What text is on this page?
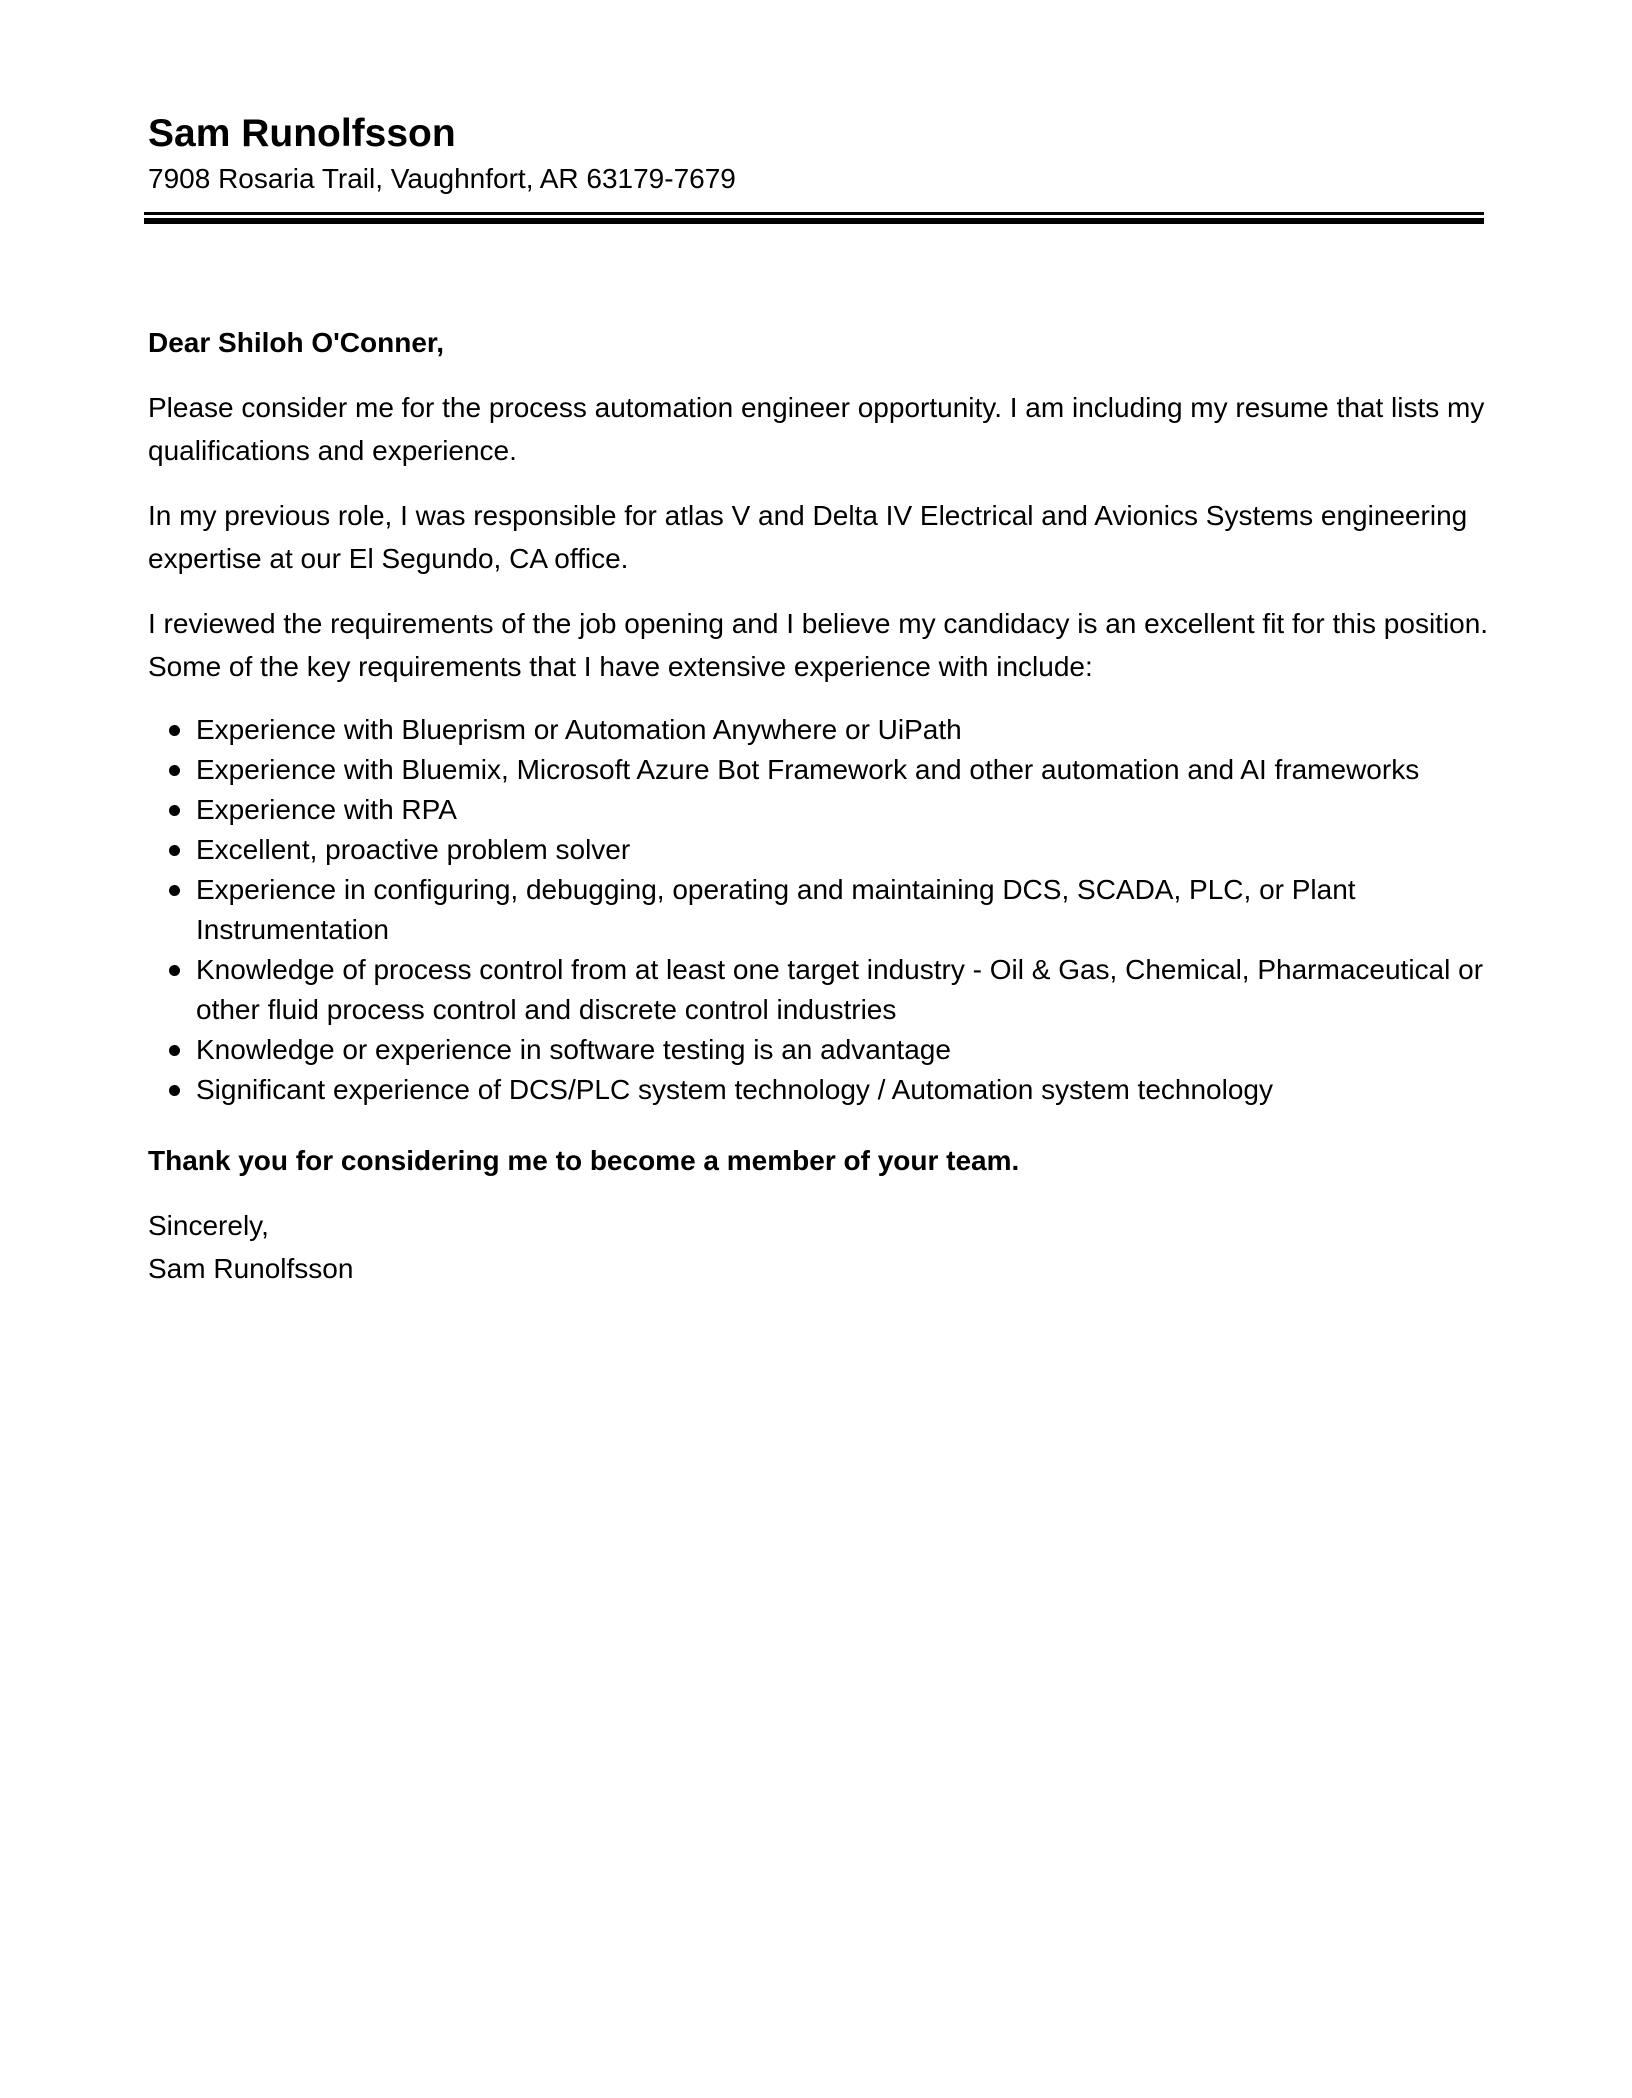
Sam Runolfsson

7908 Rosaria Trail, Vaughnfort, AR 63179-7679

Dear Shiloh O'Conner,

Please consider me for the process automation engineer opportunity. I am including my resume that lists my qualifications and experience.

In my previous role, I was responsible for atlas V and Delta IV Electrical and Avionics Systems engineering expertise at our El Segundo, CA office.

I reviewed the requirements of the job opening and I believe my candidacy is an excellent fit for this position. Some of the key requirements that I have extensive experience with include:

Experience with Blueprism or Automation Anywhere or UiPath
Experience with Bluemix, Microsoft Azure Bot Framework and other automation and AI frameworks
Experience with RPA
Excellent, proactive problem solver
Experience in configuring, debugging, operating and maintaining DCS, SCADA, PLC, or Plant Instrumentation
Knowledge of process control from at least one target industry - Oil & Gas, Chemical, Pharmaceutical or other fluid process control and discrete control industries
Knowledge or experience in software testing is an advantage
Significant experience of DCS/PLC system technology / Automation system technology

Thank you for considering me to become a member of your team.

Sincerely,
Sam Runolfsson
